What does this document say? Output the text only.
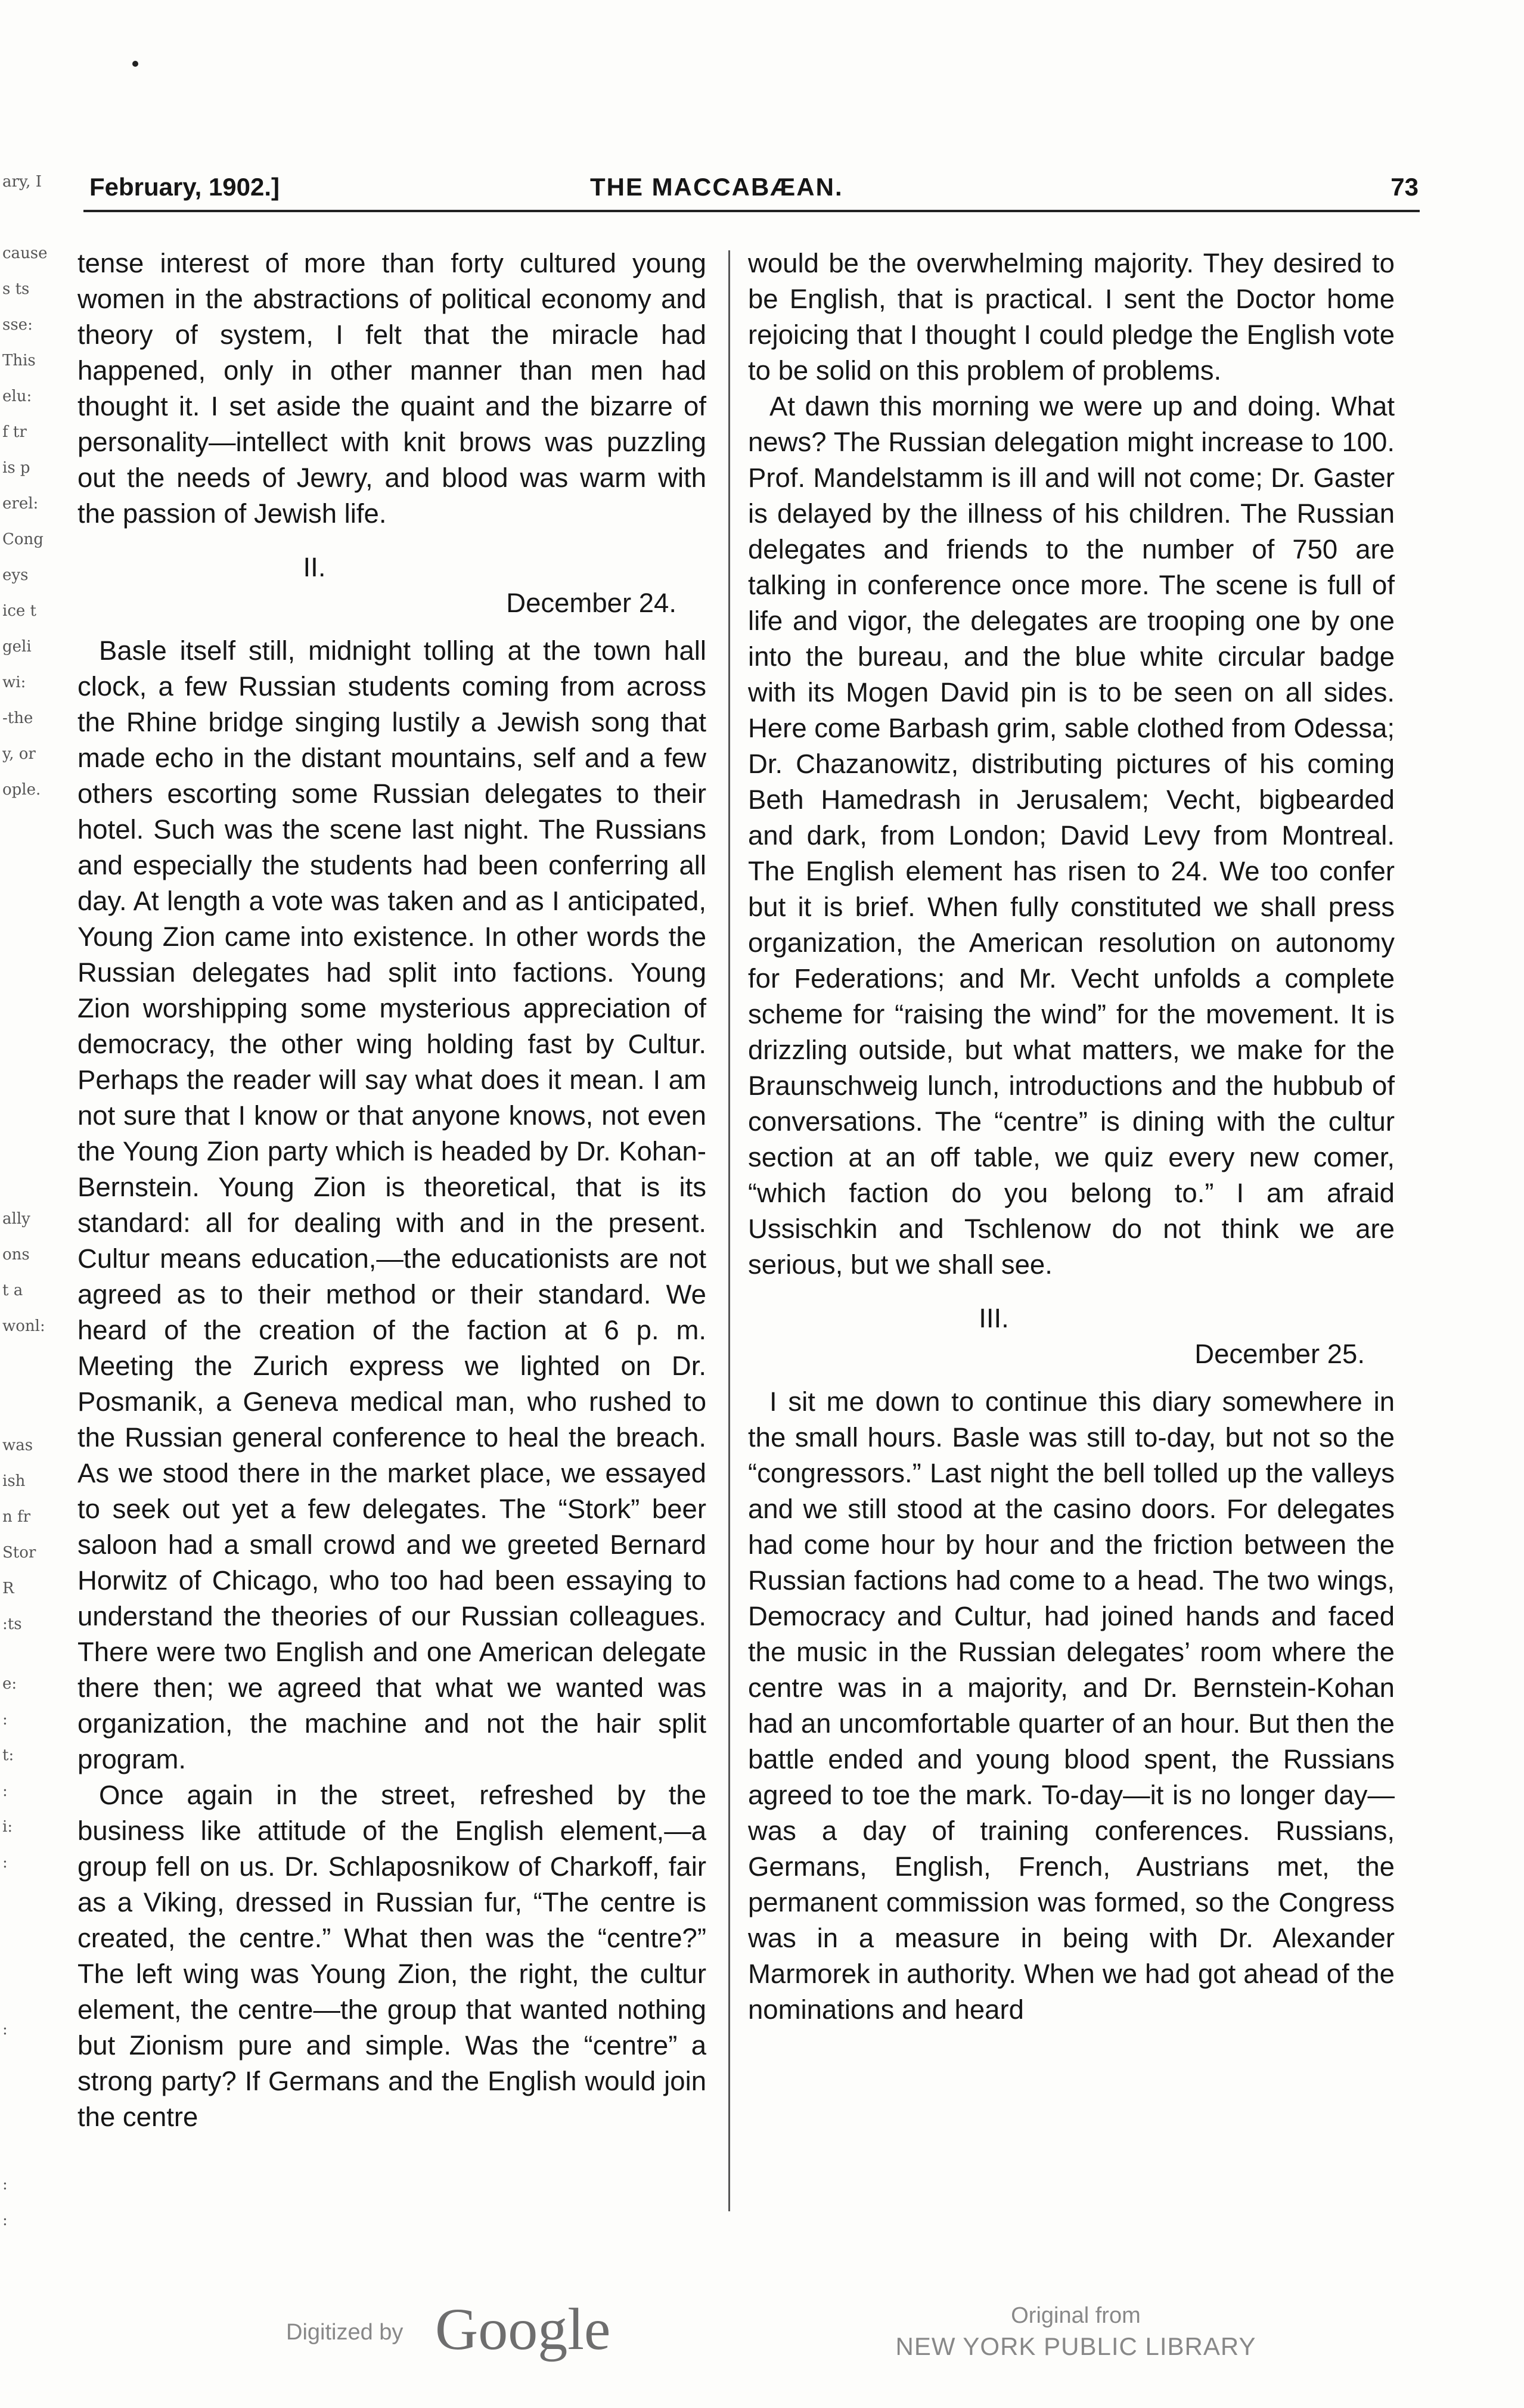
ary, I
cause
s ts
sse:
This
elu:
f tr
is p
erel:
Cong
eys
ice t
geli
wi:
-the
y, or
ople.
ally
ons
t a
wonl:
was
ish
n fr
Stor
R
:ts
e:
:
t:
:
i:
:
:
:
:
February, 1902.]	THE MACCABÆAN.	73

tense interest of more than forty cultured young women in the abstractions of political economy and theory of system, I felt that the miracle had happened, only in other manner than men had thought it. I set aside the quaint and the bizarre of personality—intellect with knit brows was puzzling out the needs of Jewry, and blood was warm with the passion of Jewish life.

II.

December 24.

Basle itself still, midnight tolling at the town hall clock, a few Russian students coming from across the Rhine bridge singing lustily a Jewish song that made echo in the distant mountains, self and a few others escorting some Russian delegates to their hotel. Such was the scene last night. The Russians and especially the students had been conferring all day. At length a vote was taken and as I anticipated, Young Zion came into existence. In other words the Russian delegates had split into factions. Young Zion worshipping some mysterious appreciation of democracy, the other wing holding fast by Cultur. Perhaps the reader will say what does it mean. I am not sure that I know or that anyone knows, not even the Young Zion party which is headed by Dr. Kohan-Bernstein. Young Zion is theoretical, that is its standard: all for dealing with and in the present. Cultur means education,—the educationists are not agreed as to their method or their standard. We heard of the creation of the faction at 6 p. m. Meeting the Zurich express we lighted on Dr. Posmanik, a Geneva medical man, who rushed to the Russian general conference to heal the breach. As we stood there in the market place, we essayed to seek out yet a few delegates. The “Stork” beer saloon had a small crowd and we greeted Bernard Horwitz of Chicago, who too had been essaying to understand the theories of our Russian colleagues. There were two English and one American delegate there then; we agreed that what we wanted was organization, the machine and not the hair split program.

Once again in the street, refreshed by the business like attitude of the English element,—a group fell on us. Dr. Schlaposnikow of Charkoff, fair as a Viking, dressed in Russian fur, “The centre is created, the centre.” What then was the “centre?” The left wing was Young Zion, the right, the cultur element, the centre—the group that wanted nothing but Zionism pure and simple. Was the “centre” a strong party? If Germans and the English would join the centre

would be the overwhelming majority. They desired to be English, that is practical. I sent the Doctor home rejoicing that I thought I could pledge the English vote to be solid on this problem of problems.

At dawn this morning we were up and doing. What news? The Russian delegation might increase to 100. Prof. Mandelstamm is ill and will not come; Dr. Gaster is delayed by the illness of his children. The Russian delegates and friends to the number of 750 are talking in conference once more. The scene is full of life and vigor, the delegates are trooping one by one into the bureau, and the blue white circular badge with its Mogen David pin is to be seen on all sides. Here come Barbash grim, sable clothed from Odessa; Dr. Chazanowitz, distributing pictures of his coming Beth Hamedrash in Jerusalem; Vecht, bigbearded and dark, from London; David Levy from Montreal. The English element has risen to 24. We too confer but it is brief. When fully constituted we shall press organization, the American resolution on autonomy for Federations; and Mr. Vecht unfolds a complete scheme for “raising the wind” for the movement. It is drizzling outside, but what matters, we make for the Braunschweig lunch, introductions and the hubbub of conversations. The “centre” is dining with the cultur section at an off table, we quiz every new comer, “which faction do you belong to.” I am afraid Ussischkin and Tschlenow do not think we are serious, but we shall see.

III.

December 25.

I sit me down to continue this diary somewhere in the small hours. Basle was still to-day, but not so the “congressors.” Last night the bell tolled up the valleys and we still stood at the casino doors. For delegates had come hour by hour and the friction between the Russian factions had come to a head. The two wings, Democracy and Cultur, had joined hands and faced the music in the Russian delegates’ room where the centre was in a majority, and Dr. Bernstein-Kohan had an uncomfortable quarter of an hour. But then the battle ended and young blood spent, the Russians agreed to toe the mark. To-day—it is no longer day—was a day of training conferences. Russians, Germans, English, French, Austrians met, the permanent commission was formed, so the Congress was in a measure in being with Dr. Alexander Marmorek in authority. When we had got ahead of the nominations and heard

Digitized by Google	Original from
NEW YORK PUBLIC LIBRARY
